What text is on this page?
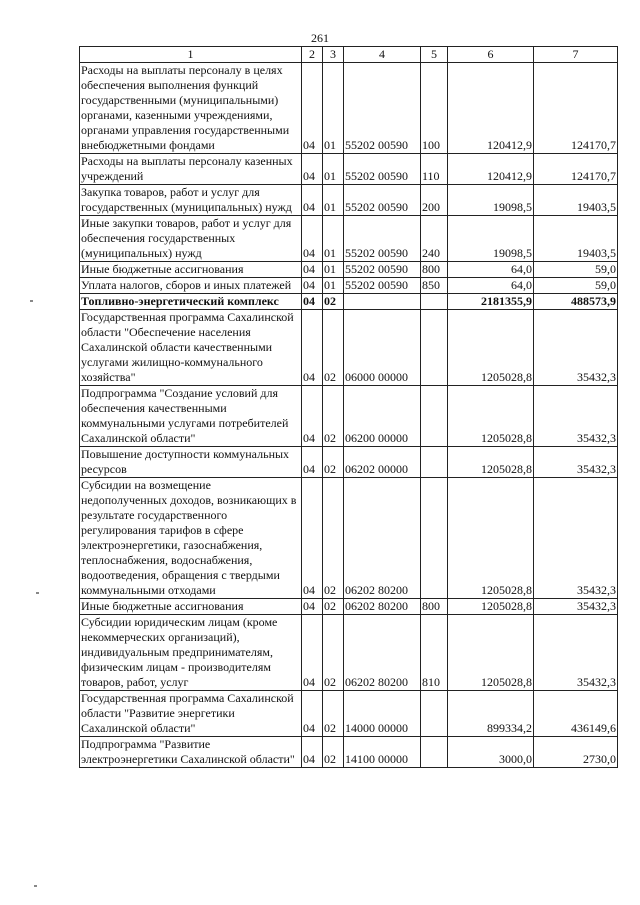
261
1	2	3	4	5	6	7
Расходы на выплаты персоналу в целях обеспечения выполнения функций государственными (муниципальными) органами, казенными учреждениями, органами управления государственными внебюджетными фондами	04	01	55202 00590	100	120412,9	124170,7
Расходы на выплаты персоналу казенных учреждений	04	01	55202 00590	110	120412,9	124170,7
Закупка товаров, работ и услуг для государственных (муниципальных) нужд	04	01	55202 00590	200	19098,5	19403,5
Иные закупки товаров, работ и услуг для обеспечения государственных (муниципальных) нужд	04	01	55202 00590	240	19098,5	19403,5
Иные бюджетные ассигнования	04	01	55202 00590	800	64,0	59,0
Уплата налогов, сборов и иных платежей	04	01	55202 00590	850	64,0	59,0
Топливно-энергетический комплекс	04	02			2181355,9	488573,9
Государственная программа Сахалинской области "Обеспечение населения Сахалинской области качественными услугами жилищно-коммунального хозяйства"	04	02	06000 00000		1205028,8	35432,3
Подпрограмма "Создание условий для обеспечения качественными коммунальными услугами потребителей Сахалинской области"	04	02	06200 00000		1205028,8	35432,3
Повышение доступности коммунальных ресурсов	04	02	06202 00000		1205028,8	35432,3
Субсидии на возмещение недополученных доходов, возникающих в результате государственного регулирования тарифов в сфере электроэнергетики, газоснабжения, теплоснабжения, водоснабжения, водоотведения, обращения с твердыми коммунальными отходами	04	02	06202 80200		1205028,8	35432,3
Иные бюджетные ассигнования	04	02	06202 80200	800	1205028,8	35432,3
Субсидии юридическим лицам (кроме некоммерческих организаций), индивидуальным предпринимателям, физическим лицам - производителям товаров, работ, услуг	04	02	06202 80200	810	1205028,8	35432,3
Государственная программа Сахалинской области "Развитие энергетики Сахалинской области"	04	02	14000 00000		899334,2	436149,6
Подпрограмма "Развитие электроэнергетики Сахалинской области"	04	02	14100 00000		3000,0	2730,0
